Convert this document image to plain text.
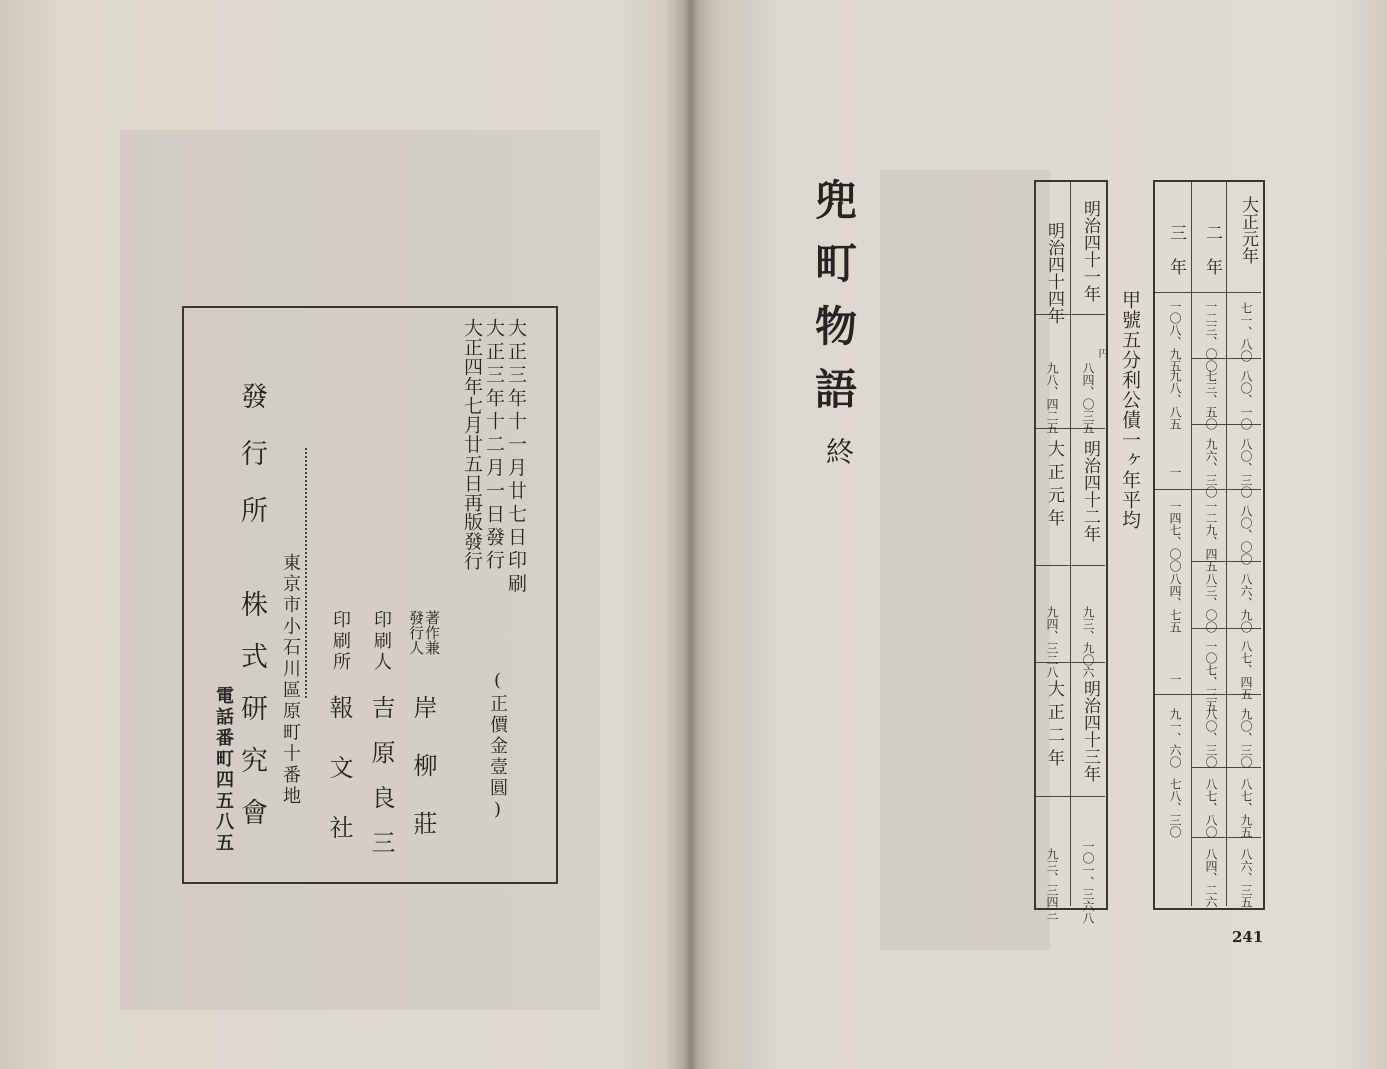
大正三年十一月廿七日印刷
大正三年十二月一日發行
大正四年七月廿五日再版發行
(正價金壹圓)
著作兼發行人
岸柳莊
印刷人
吉原良三
印刷所
報文社
發行所
株式研究會 東京市小石川區原町十番地
電話番町四五八五
兜町物語
終
明治四十一年
八四、〇三五
円
明治四十二年
九三、九〇六
明治四十三年
一〇一、三六八
明治四十四年
九八、四二五
大正元年
九四、三二八
大正二年
九三、三四三
甲號五分利公債一ヶ年平均
大正元年
二　年
三　年
七一、八〇
八〇、一〇
八〇、三〇
八〇、〇〇
八六、九〇
八七、四五
九〇、三〇
八七、九五
八六、三五
一二三、〇〇
七三、五〇
九六、三〇
一二九、四五
八三、〇〇
一〇七、三五
八〇、三〇
八七、八〇
八四、二六
一〇八、九五
九八、八五
一
一四七、〇〇
八四、七五
一
九一、六〇
七八、三〇
241
